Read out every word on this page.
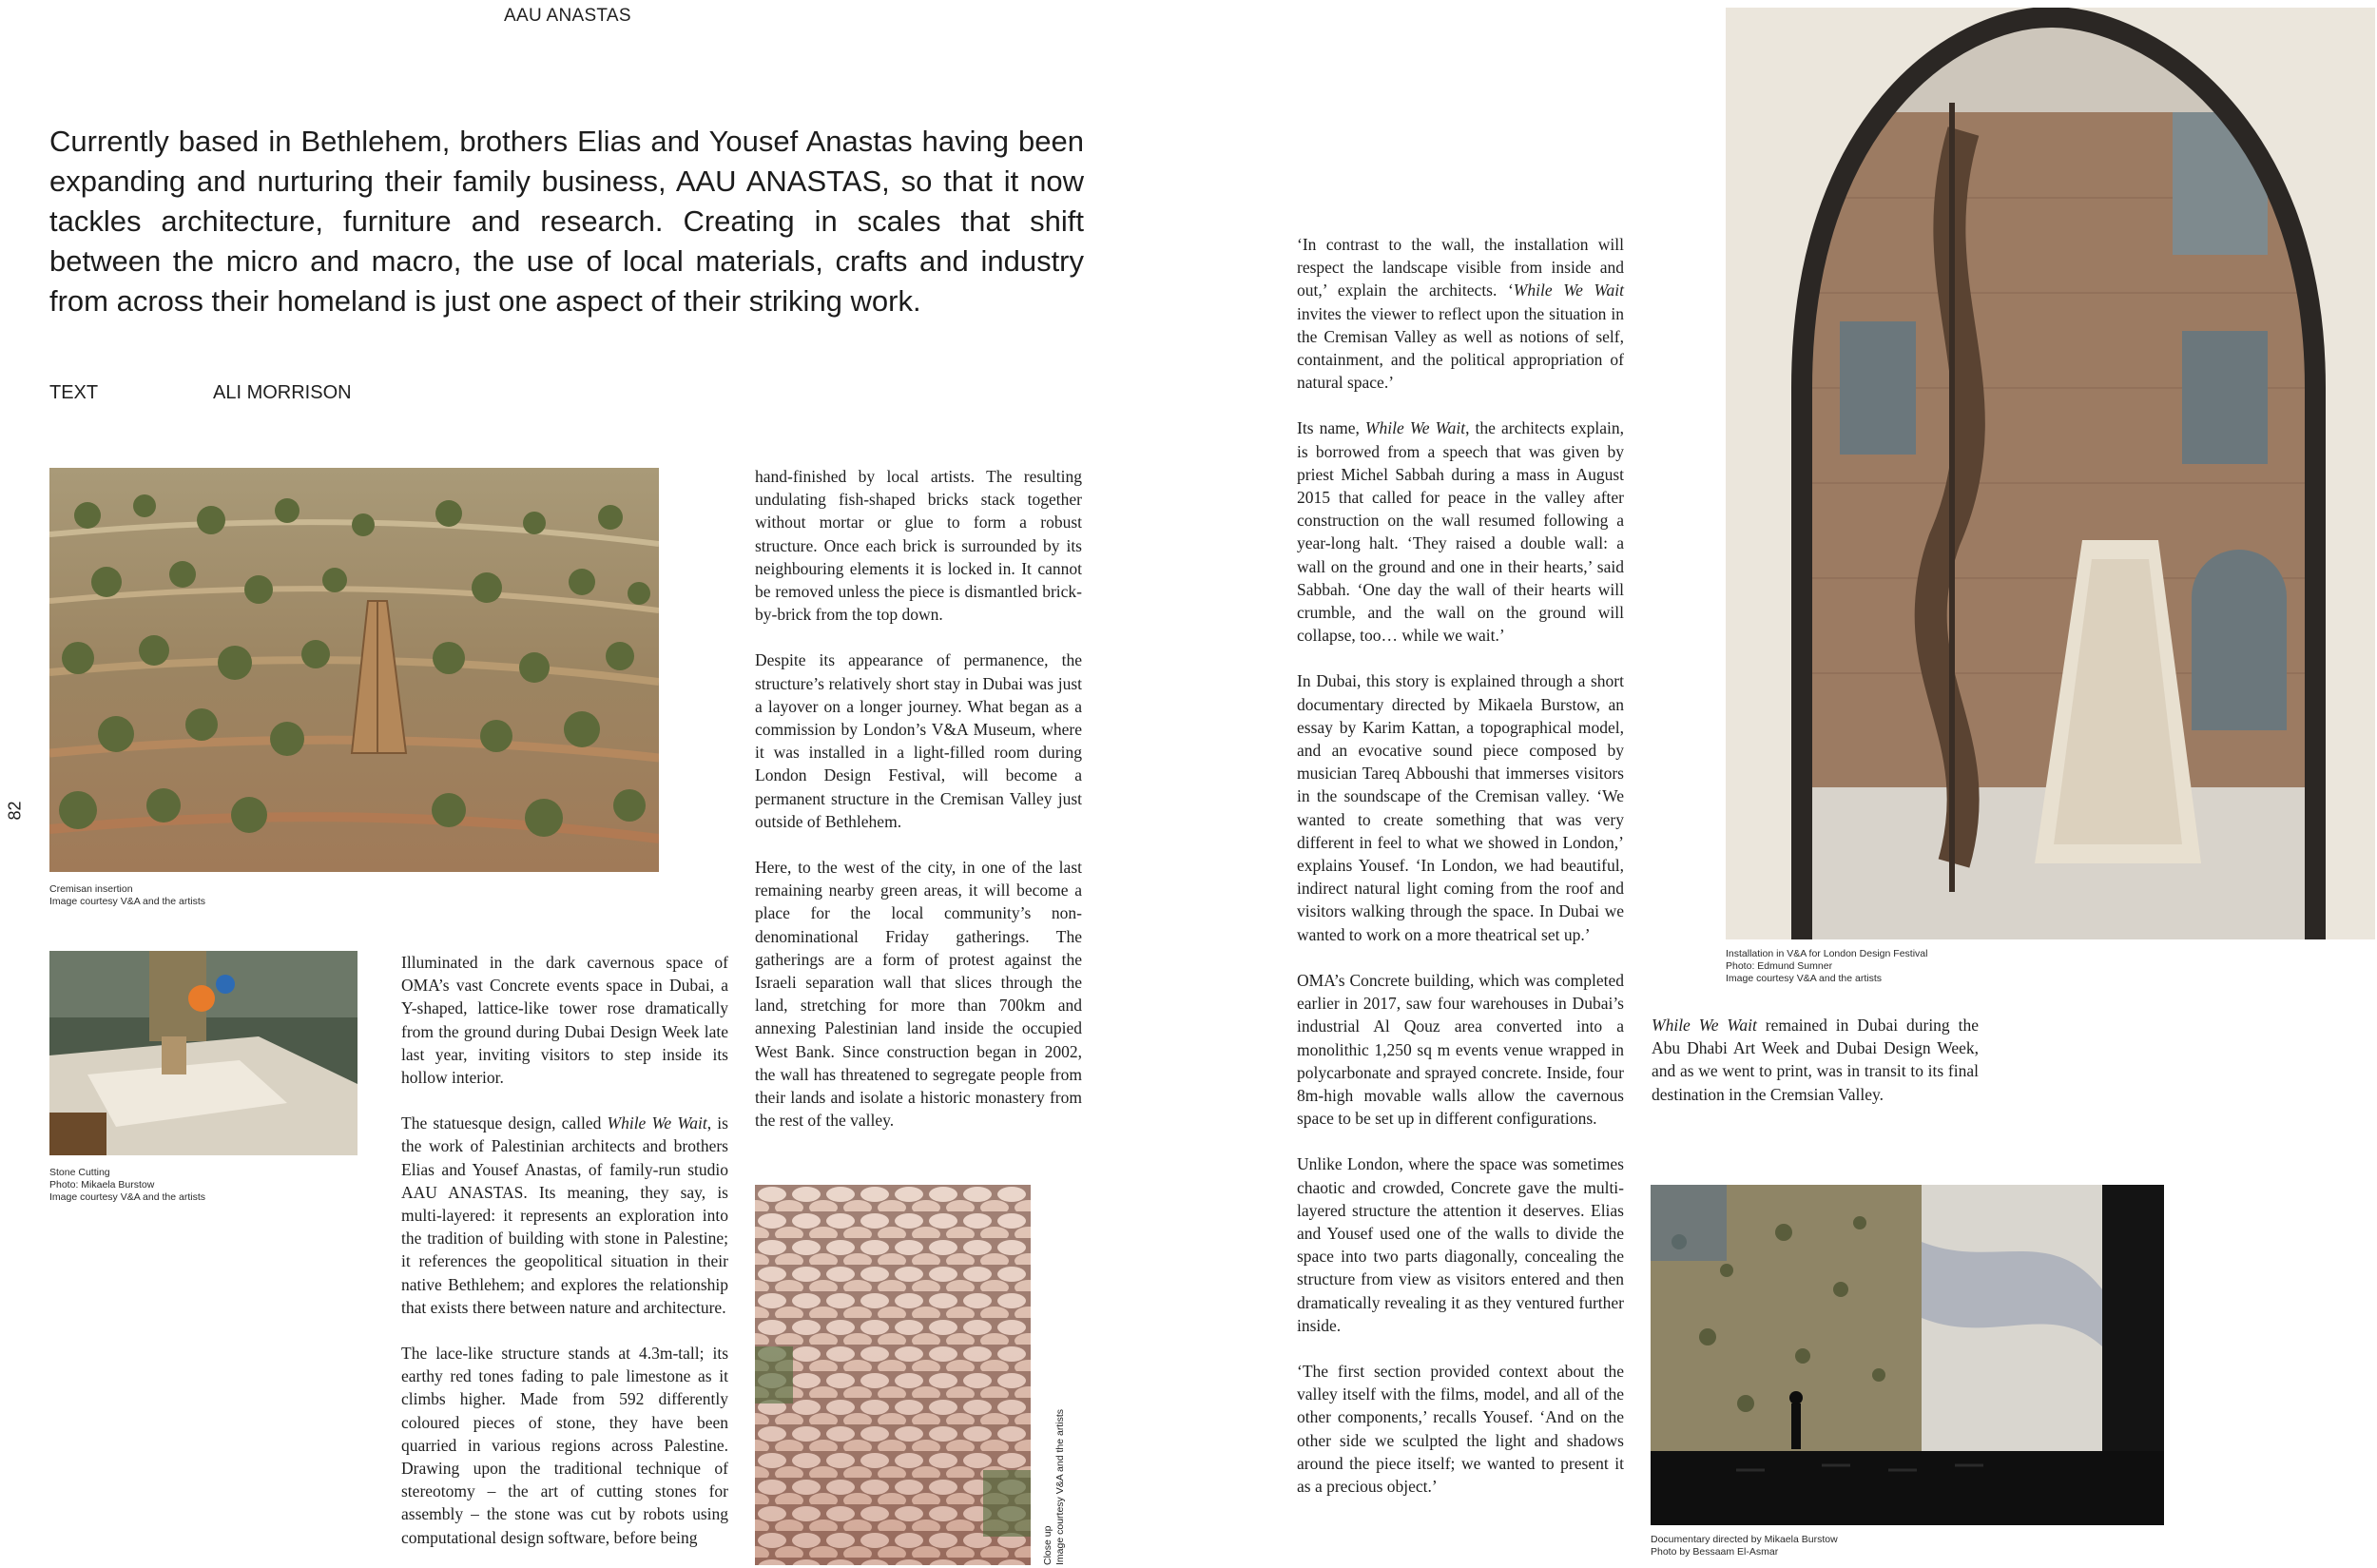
AAU ANASTAS
82
Currently based in Bethlehem, brothers Elias and Yousef Anastas having been expanding and nurturing their family business, AAU ANASTAS, so that it now tackles architecture, furniture and research. Creating in scales that shift between the micro and macro, the use of local materials, crafts and industry from across their homeland is just one aspect of their striking work.
TEXT	ALI MORRISON
Cremisan insertion
Image courtesy V&A and the artists
Stone Cutting
Photo: Mikaela Burstow
Image courtesy V&A and the artists

Illuminated in the dark cavernous space of OMA’s vast Concrete events space in Dubai, a Y-shaped, lattice-like tower rose dramatically from the ground during Dubai Design Week late last year, inviting visitors to step inside its hollow interior.

The statuesque design, called While We Wait, is the work of Palestinian architects and brothers Elias and Yousef Anastas, of family-run studio AAU ANASTAS. Its meaning, they say, is multi-layered: it represents an exploration into the tradition of building with stone in Palestine; it references the geopolitical situation in their native Bethlehem; and explores the relationship that exists there between nature and architecture.

The lace-like structure stands at 4.3m-tall; its earthy red tones fading to pale limestone as it climbs higher. Made from 592 differently coloured pieces of stone, they have been quarried in various regions across Palestine. Drawing upon the traditional technique of stereotomy – the art of cutting stones for assembly – the stone was cut by robots using computational design software, before being

hand-finished by local artists. The resulting undulating fish-shaped bricks stack together without mortar or glue to form a robust structure. Once each brick is surrounded by its neighbouring elements it is locked in. It cannot be removed unless the piece is dismantled brick-by-brick from the top down.

Despite its appearance of permanence, the structure’s relatively short stay in Dubai was just a layover on a longer journey. What began as a commission by London’s V&A Museum, where it was installed in a light-filled room during London Design Festival, will become a permanent structure in the Cremisan Valley just outside of Bethlehem.

Here, to the west of the city, in one of the last remaining nearby green areas, it will become a place for the local community’s non-denominational Friday gatherings. The gatherings are a form of protest against the Israeli separation wall that slices through the land, stretching for more than 700km and annexing Palestinian land inside the occupied West Bank. Since construction began in 2002, the wall has threatened to segregate people from their lands and isolate a historic monastery from the rest of the valley.

Close up Image courtesy V&A and the artists

‘In contrast to the wall, the installation will respect the landscape visible from inside and out,’ explain the architects. ‘While We Wait invites the viewer to reflect upon the situation in the Cremisan Valley as well as notions of self, containment, and the political appropriation of natural space.’

Its name, While We Wait, the architects explain, is borrowed from a speech that was given by priest Michel Sabbah during a mass in August 2015 that called for peace in the valley after construction on the wall resumed following a year-long halt. ‘They raised a double wall: a wall on the ground and one in their hearts,’ said Sabbah. ‘One day the wall of their hearts will crumble, and the wall on the ground will collapse, too… while we wait.’

In Dubai, this story is explained through a short documentary directed by Mikaela Burstow, an essay by Karim Kattan, a topographical model, and an evocative sound piece composed by musician Tareq Abboushi that immerses visitors in the soundscape of the Cremisan valley. ‘We wanted to create something that was very different in feel to what we showed in London,’ explains Yousef. ‘In London, we had beautiful, indirect natural light coming from the roof and visitors walking through the space. In Dubai we wanted to work on a more theatrical set up.’

OMA’s Concrete building, which was completed earlier in 2017, saw four warehouses in Dubai’s industrial Al Qouz area converted into a monolithic 1,250 sq m events venue wrapped in polycarbonate and sprayed concrete. Inside, four 8m-high movable walls allow the cavernous space to be set up in different configurations.

Unlike London, where the space was sometimes chaotic and crowded, Concrete gave the multi-layered structure the attention it deserves. Elias and Yousef used one of the walls to divide the space into two parts diagonally, concealing the structure from view as visitors entered and then dramatically revealing it as they ventured further inside.

‘The first section provided context about the valley itself with the films, model, and all of the other components,’ recalls Yousef. ‘And on the other side we sculpted the light and shadows around the piece itself; we wanted to present it as a precious object.’

Installation in V&A for London Design Festival
Photo: Edmund Sumner
Image courtesy V&A and the artists

While We Wait remained in Dubai during the Abu Dhabi Art Week and Dubai Design Week, and as we went to print, was in transit to its final destination in the Cremsian Valley.

Documentary directed by Mikaela Burstow
Photo by Bessaam El-Asmar
